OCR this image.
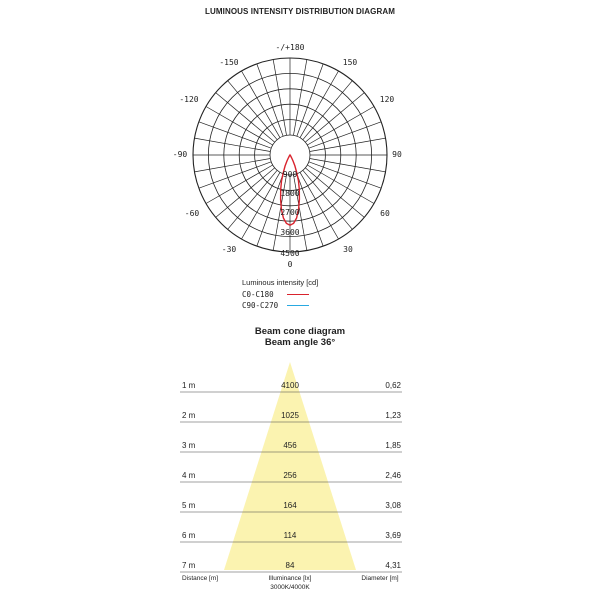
LUMINOUS INTENSITY DISTRIBUTION DIAGRAM
-/+180
0
-150
-120
-90
-60
-30
150
120
90
60
30
900
1800
2700
3600
4500
Luminous intensity [cd]
C0-C180
C90-C270
Beam cone diagram
Beam angle 36°
1 m	4100	0,62
2 m	1025	1,23
3 m	456	1,85
4 m	256	2,46
5 m	164	3,08
6 m	114	3,69
7 m	84	4,31
Distance [m]	Illuminance [lx]
3000K/4000K
Diameter [m]
